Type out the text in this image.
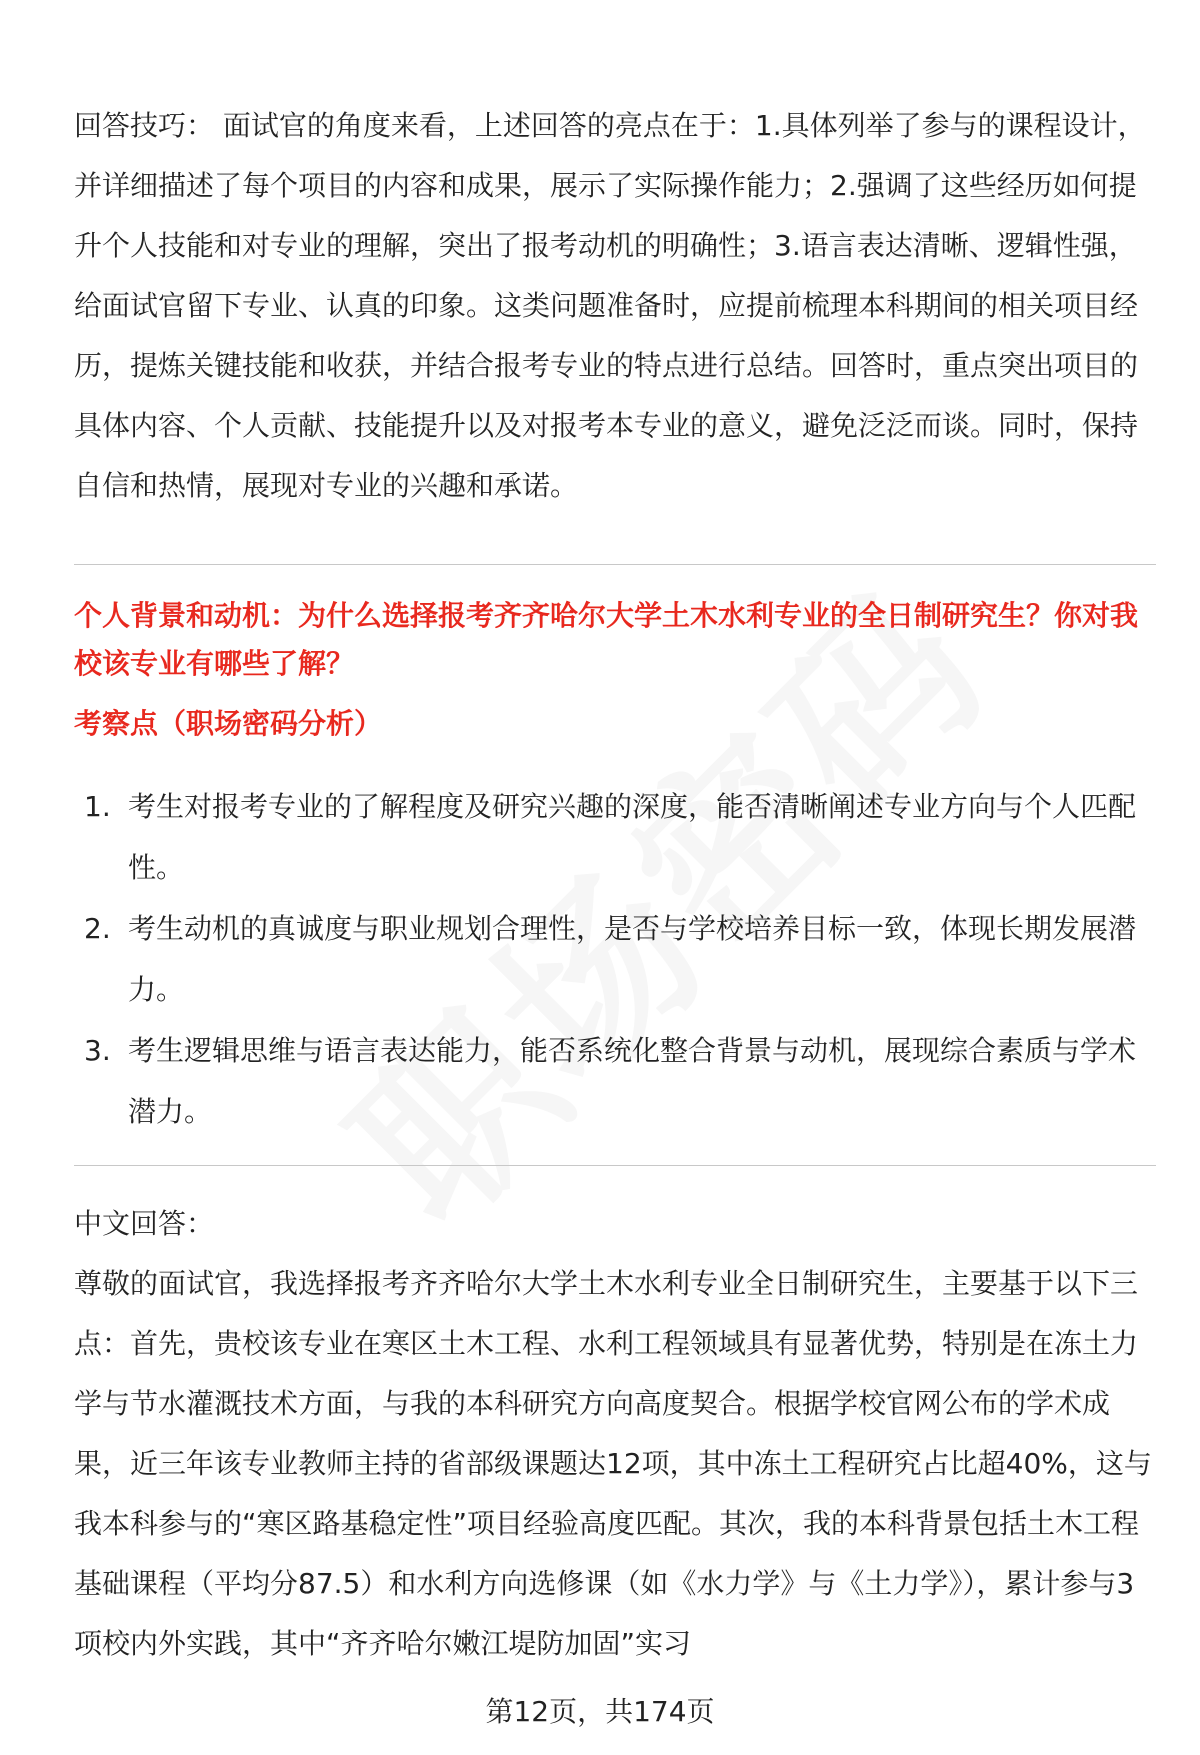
回答技巧： 面试官的角度来看，上述回答的亮点在于：1.具体列举了参与的课程设计，并详细描述了每个项目的内容和成果，展示了实际操作能力；2.强调了这些经历如何提升个人技能和对专业的理解，突出了报考动机的明确性；3.语言表达清晰、逻辑性强，给面试官留下专业、认真的印象。这类问题准备时，应提前梳理本科期间的相关项目经历，提炼关键技能和收获，并结合报考专业的特点进行总结。回答时，重点突出项目的具体内容、个人贡献、技能提升以及对报考本专业的意义，避免泛泛而谈。同时，保持自信和热情，展现对专业的兴趣和承诺。

个人背景和动机：为什么选择报考齐齐哈尔大学土木水利专业的全日制研究生？你对我校该专业有哪些了解？

考察点（职场密码分析）

1. 考生对报考专业的了解程度及研究兴趣的深度，能否清晰阐述专业方向与个人匹配性。
2. 考生动机的真诚度与职业规划合理性，是否与学校培养目标一致，体现长期发展潜力。
3. 考生逻辑思维与语言表达能力，能否系统化整合背景与动机，展现综合素质与学术潜力。

中文回答：

尊敬的面试官，我选择报考齐齐哈尔大学土木水利专业全日制研究生，主要基于以下三点：首先，贵校该专业在寒区土木工程、水利工程领域具有显著优势，特别是在冻土力学与节水灌溉技术方面，与我的本科研究方向高度契合。根据学校官网公布的学术成果，近三年该专业教师主持的省部级课题达12项，其中冻土工程研究占比超40%，这与我本科参与的“寒区路基稳定性”项目经验高度匹配。其次，我的本科背景包括土木工程基础课程（平均分87.5）和水利方向选修课（如《水力学》与《土力学》），累计参与3项校内外实践，其中“齐齐哈尔嫩江堤防加固”实习

第12页，共174页
